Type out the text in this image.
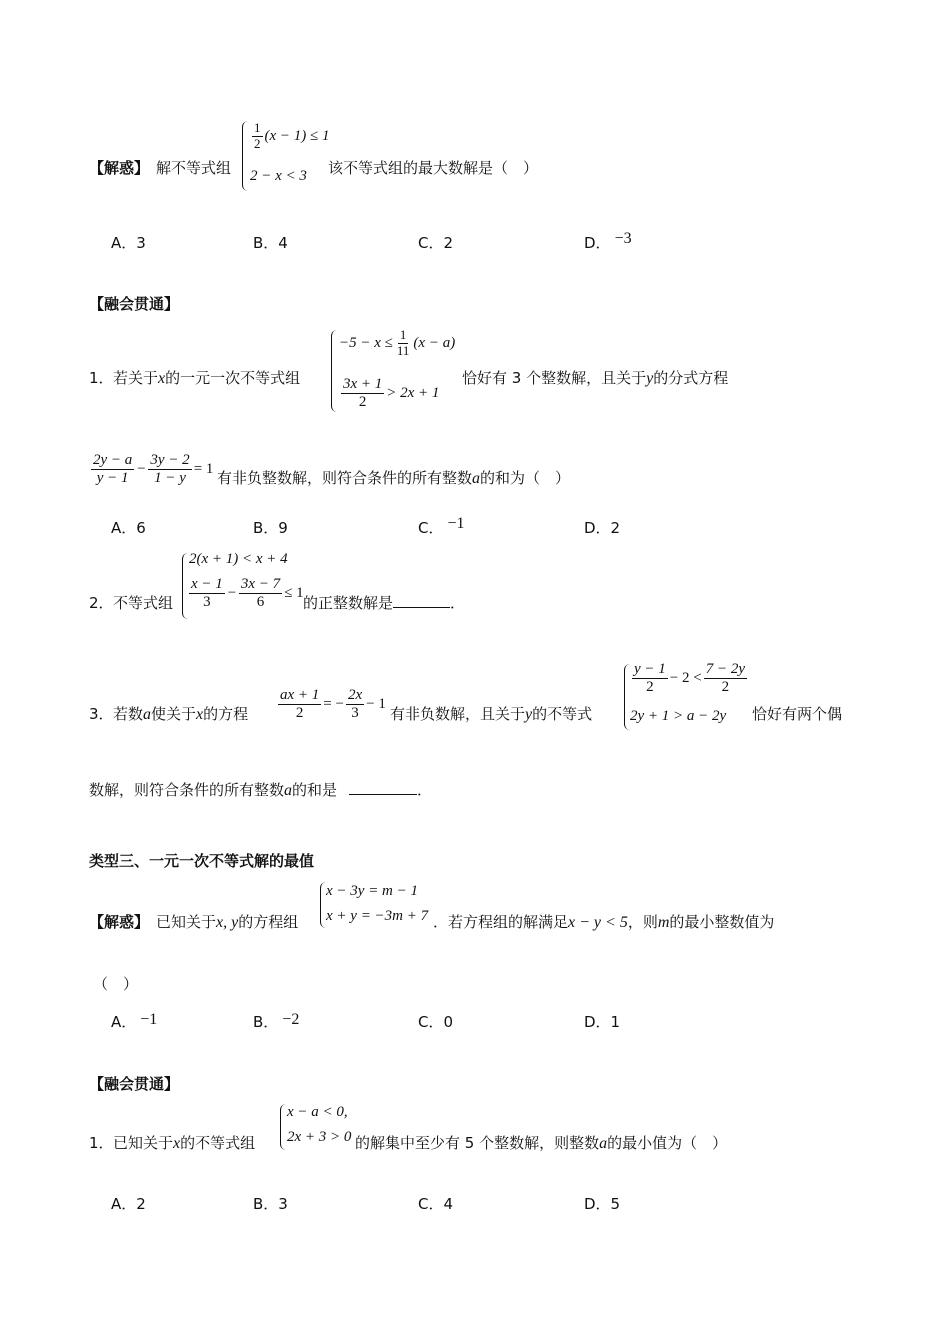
【解惑】 解不等式组
$\frac{1}{2} (x - 1) \le 1$
2 − x < 3 该不等式组的最大数解是（　）
A．3	B．4	C．2	D． −3
【融会贯通】
1． 若关于x的一元一次不等式组
$-5 - x \le \frac{1}{11} (x - a)$
$\frac{3x + 1}{2} > 2x + 1$
恰好有 3 个整数解，且关于y的分式方程
$\frac{2y - a}{y - 1} - \frac{3y - 2}{1 - y} = 1$ 有非负整数解，则符合条件的所有整数a的和为（　）
A．6	B．9	C． −1	D．2
2． 不等式组
2(x + 1) < x + 4
$\frac{x - 1}{3} - \frac{3x - 7}{6} \le 1$
的正整数解是	．
3． 若数a使关于x的方程 $\frac{ax + 1}{2}$ = − $\frac{2x}{3} - 1$
有非负数解，且关于y的不等式
$\frac{y - 1}{2} - 2 < \frac{7 - 2y}{2}$
2y + 1 > a − 2y 恰好有两个偶
数解，则符合条件的所有整数a的和是	．
类型三、一元一次不等式解的最值
【解惑】 已知关于x, y的方程组
x − 3y = m − 1
x + y = −3m + 7 ．若方程组的解满足x − y < 5，则m的最小整数值为
（　）
A． −1	B． −2	C．0	D．1
【融会贯通】
1． 已知关于x的不等式组
x − a < 0,
2x + 3 > 0 的解集中至少有 5 个整数解，则整数a的最小值为（　）
A．2	B．3	C．4	D．5
